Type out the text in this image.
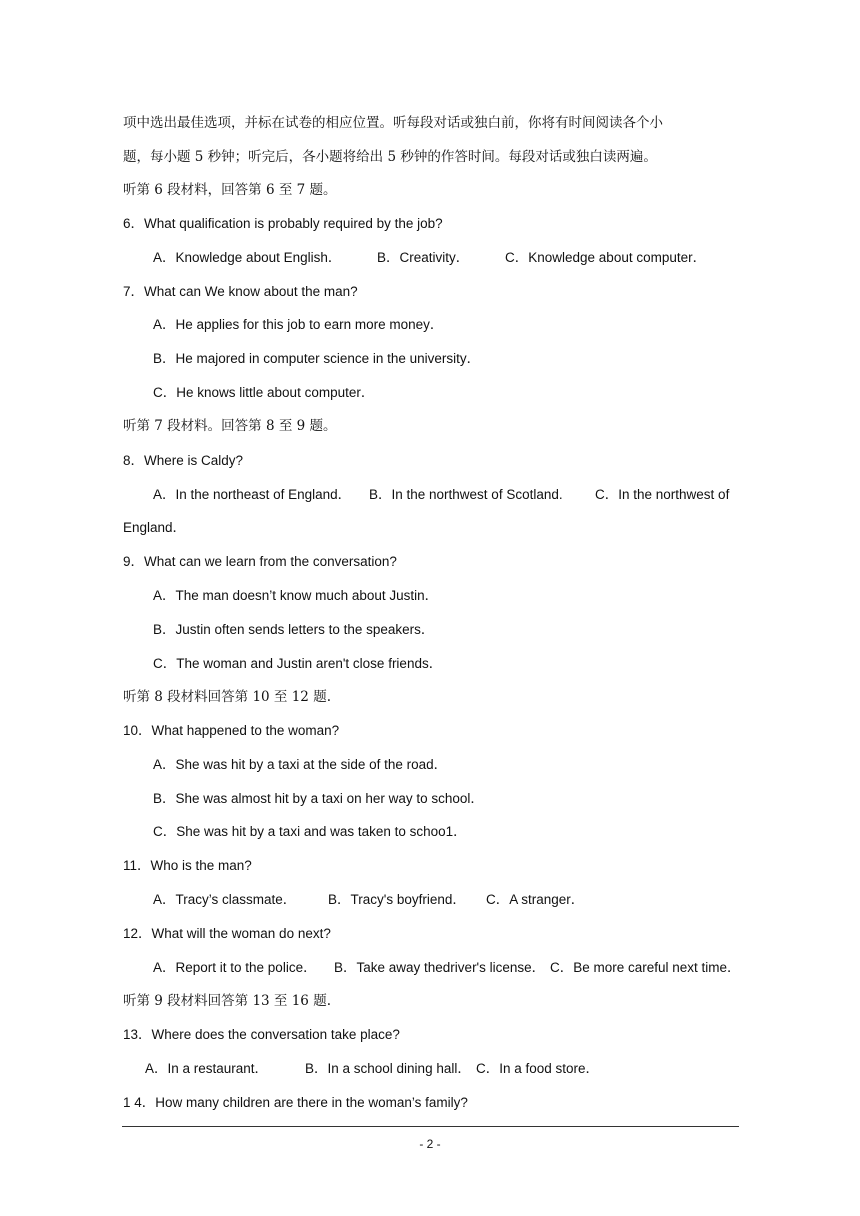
项中选出最佳选项，并标在试卷的相应位置。听每段对话或独白前，你将有时间阅读各个小
题，每小题 5 秒钟；听完后，各小题将给出 5 秒钟的作答时间。每段对话或独白读两遍。
听第 6 段材料，回答第 6 至 7 题。
6．What qualification is probably required by the job?
A．Knowledge about English．	B．Creativity．	C．Knowledge about computer．
7．What can We know about the man?
A．He applies for this job to earn more money．
B．He majored in computer science in the university．
C．He knows little about computer．
听第 7 段材料。回答第 8 至 9 题。
8．Where is Caldy?
A．In the northeast of England． B．In the northwest of Scotland. C．In the northwest of
England．
9．What can we learn from the conversation?
A．The man doesn’t know much about Justin．
B．Justin often sends letters to the speakers．
C．The woman and Justin aren't close friends．
听第 8 段材料回答第 10 至 12 题.
10．What happened to the woman?
A．She was hit by a taxi at the side of the road．
B．She was almost hit by a taxi on her way to school．
C．She was hit by a taxi and was taken to schoo1．
11．Who is the man?
A．Tracy’s classmate． B．Tracy's boyfriend． C．A stranger．
12．What will the woman do next?
A．Report it to the police． B．Take away thedriver's license． C．Be more careful next time．
听第 9 段材料回答第 13 至 16 题.
13．Where does the conversation take place?
A．In a restaurant．	B．In a school dining hall． C．In a food store．
1 4．How many children are there in the woman’s family?
- 2 -
